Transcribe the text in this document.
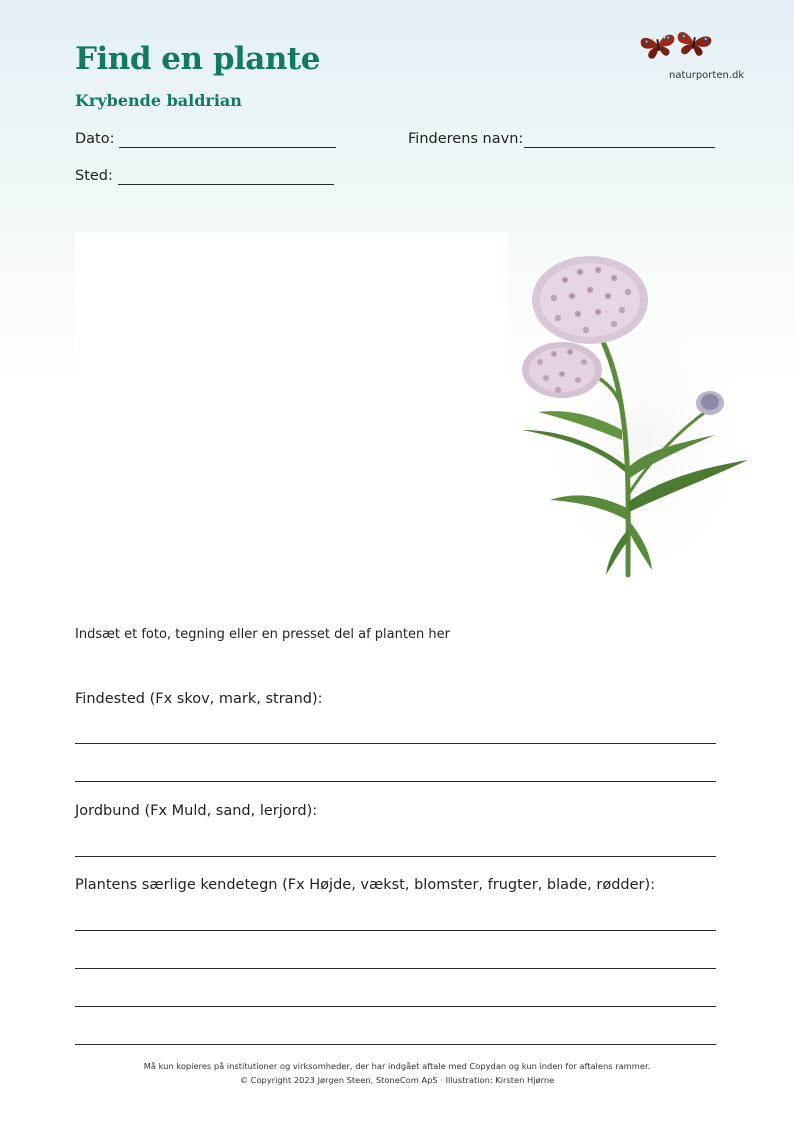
Find en plante
Krybende baldrian
naturporten.dk
Dato:	Finderens navn:
Sted:
Indsæt et foto, tegning eller en presset del af planten her
Findested (Fx skov, mark, strand):
Jordbund (Fx Muld, sand, lerjord):
Plantens særlige kendetegn (Fx Højde, vækst, blomster, frugter, blade, rødder):
Må kun kopieres på institutioner og virksomheder, der har indgået aftale med Copydan og kun inden for aftalens rammer.
© Copyright 2023 Jørgen Steen, StoneCom ApS · Illustration: Kirsten Hjørne
